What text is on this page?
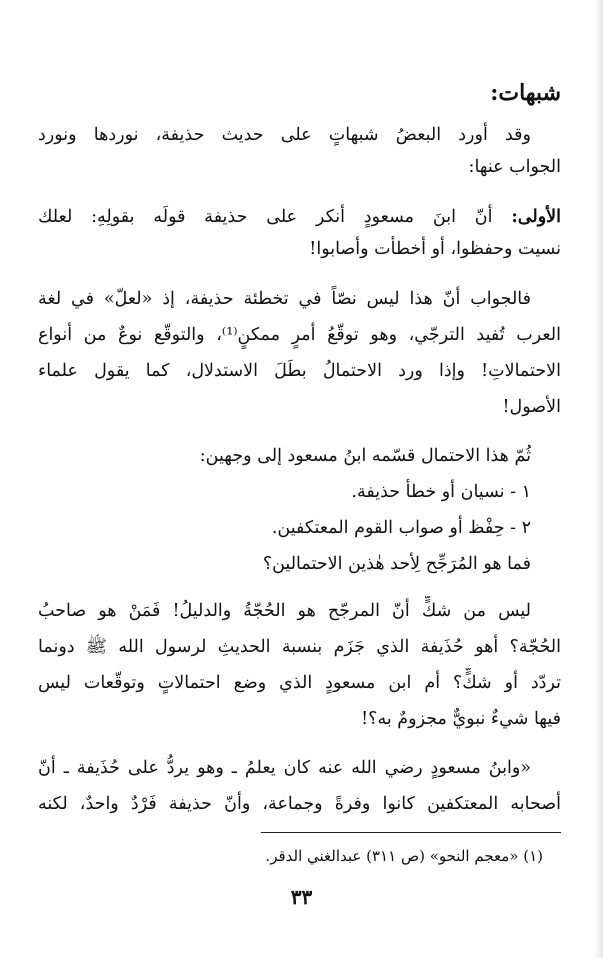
شبهات:
وقد أورد البعضُ شبهاتٍ على حديث حذيفة، نوردها ونورد
الجواب عنها:
الأولى: أنّ ابنَ مسعودٍ أنكر على حذيفة قولَه بقولِهِ: لعلك
نسيت وحفظوا، أو أخطأت وأصابوا!
فالجواب أنّ هذا ليس نصّاً في تخطئة حذيفة، إذ «لعلّ» في لغة
العرب تُفيد الترجّي، وهو توقّعُ أمرٍ ممكنٍ⁽¹⁾، والتوقّع نوعٌ من أنواع
الاحتمالاتِ! وإذا ورد الاحتمالُ بطَلَ الاستدلال، كما يقول علماء
الأصول!
ثُمّ هذا الاحتمال قسّمه ابنُ مسعود إلى وجهين:
١ - نسيان أو خطأ حذيفة.
٢ - حِفْظ أو صواب القوم المعتكفين.
فما هو المُرَجِّح لِأحد هٰذين الاحتمالين؟
ليس من شكٍّ أنّ المرجّح هو الحُجّةُ والدليلُ! فَمَنْ هو صاحبُ
الحُجّة؟ أهو حُذَيفة الذي جَزَم بنسبة الحديثِ لرسول الله ﷺ دونما
تردّد أو شكٍّ؟ أم ابن مسعودٍ الذي وضع احتمالاتٍ وتوقّعات ليس
فيها شيءٌ نبويٌّ مجزومٌ به؟!
«وابنُ مسعودٍ رضي الله عنه كان يعلمُ ـ وهو يردُّ على حُذَيفة ـ أنّ
أصحابه المعتكفين كانوا وفرةً وجماعة، وأنّ حذيفة فَرْدٌ واحدٌ، لكنه
(١) «معجم النحو» (ص ٣١١) عبدالغني الدقر.
٣٣
